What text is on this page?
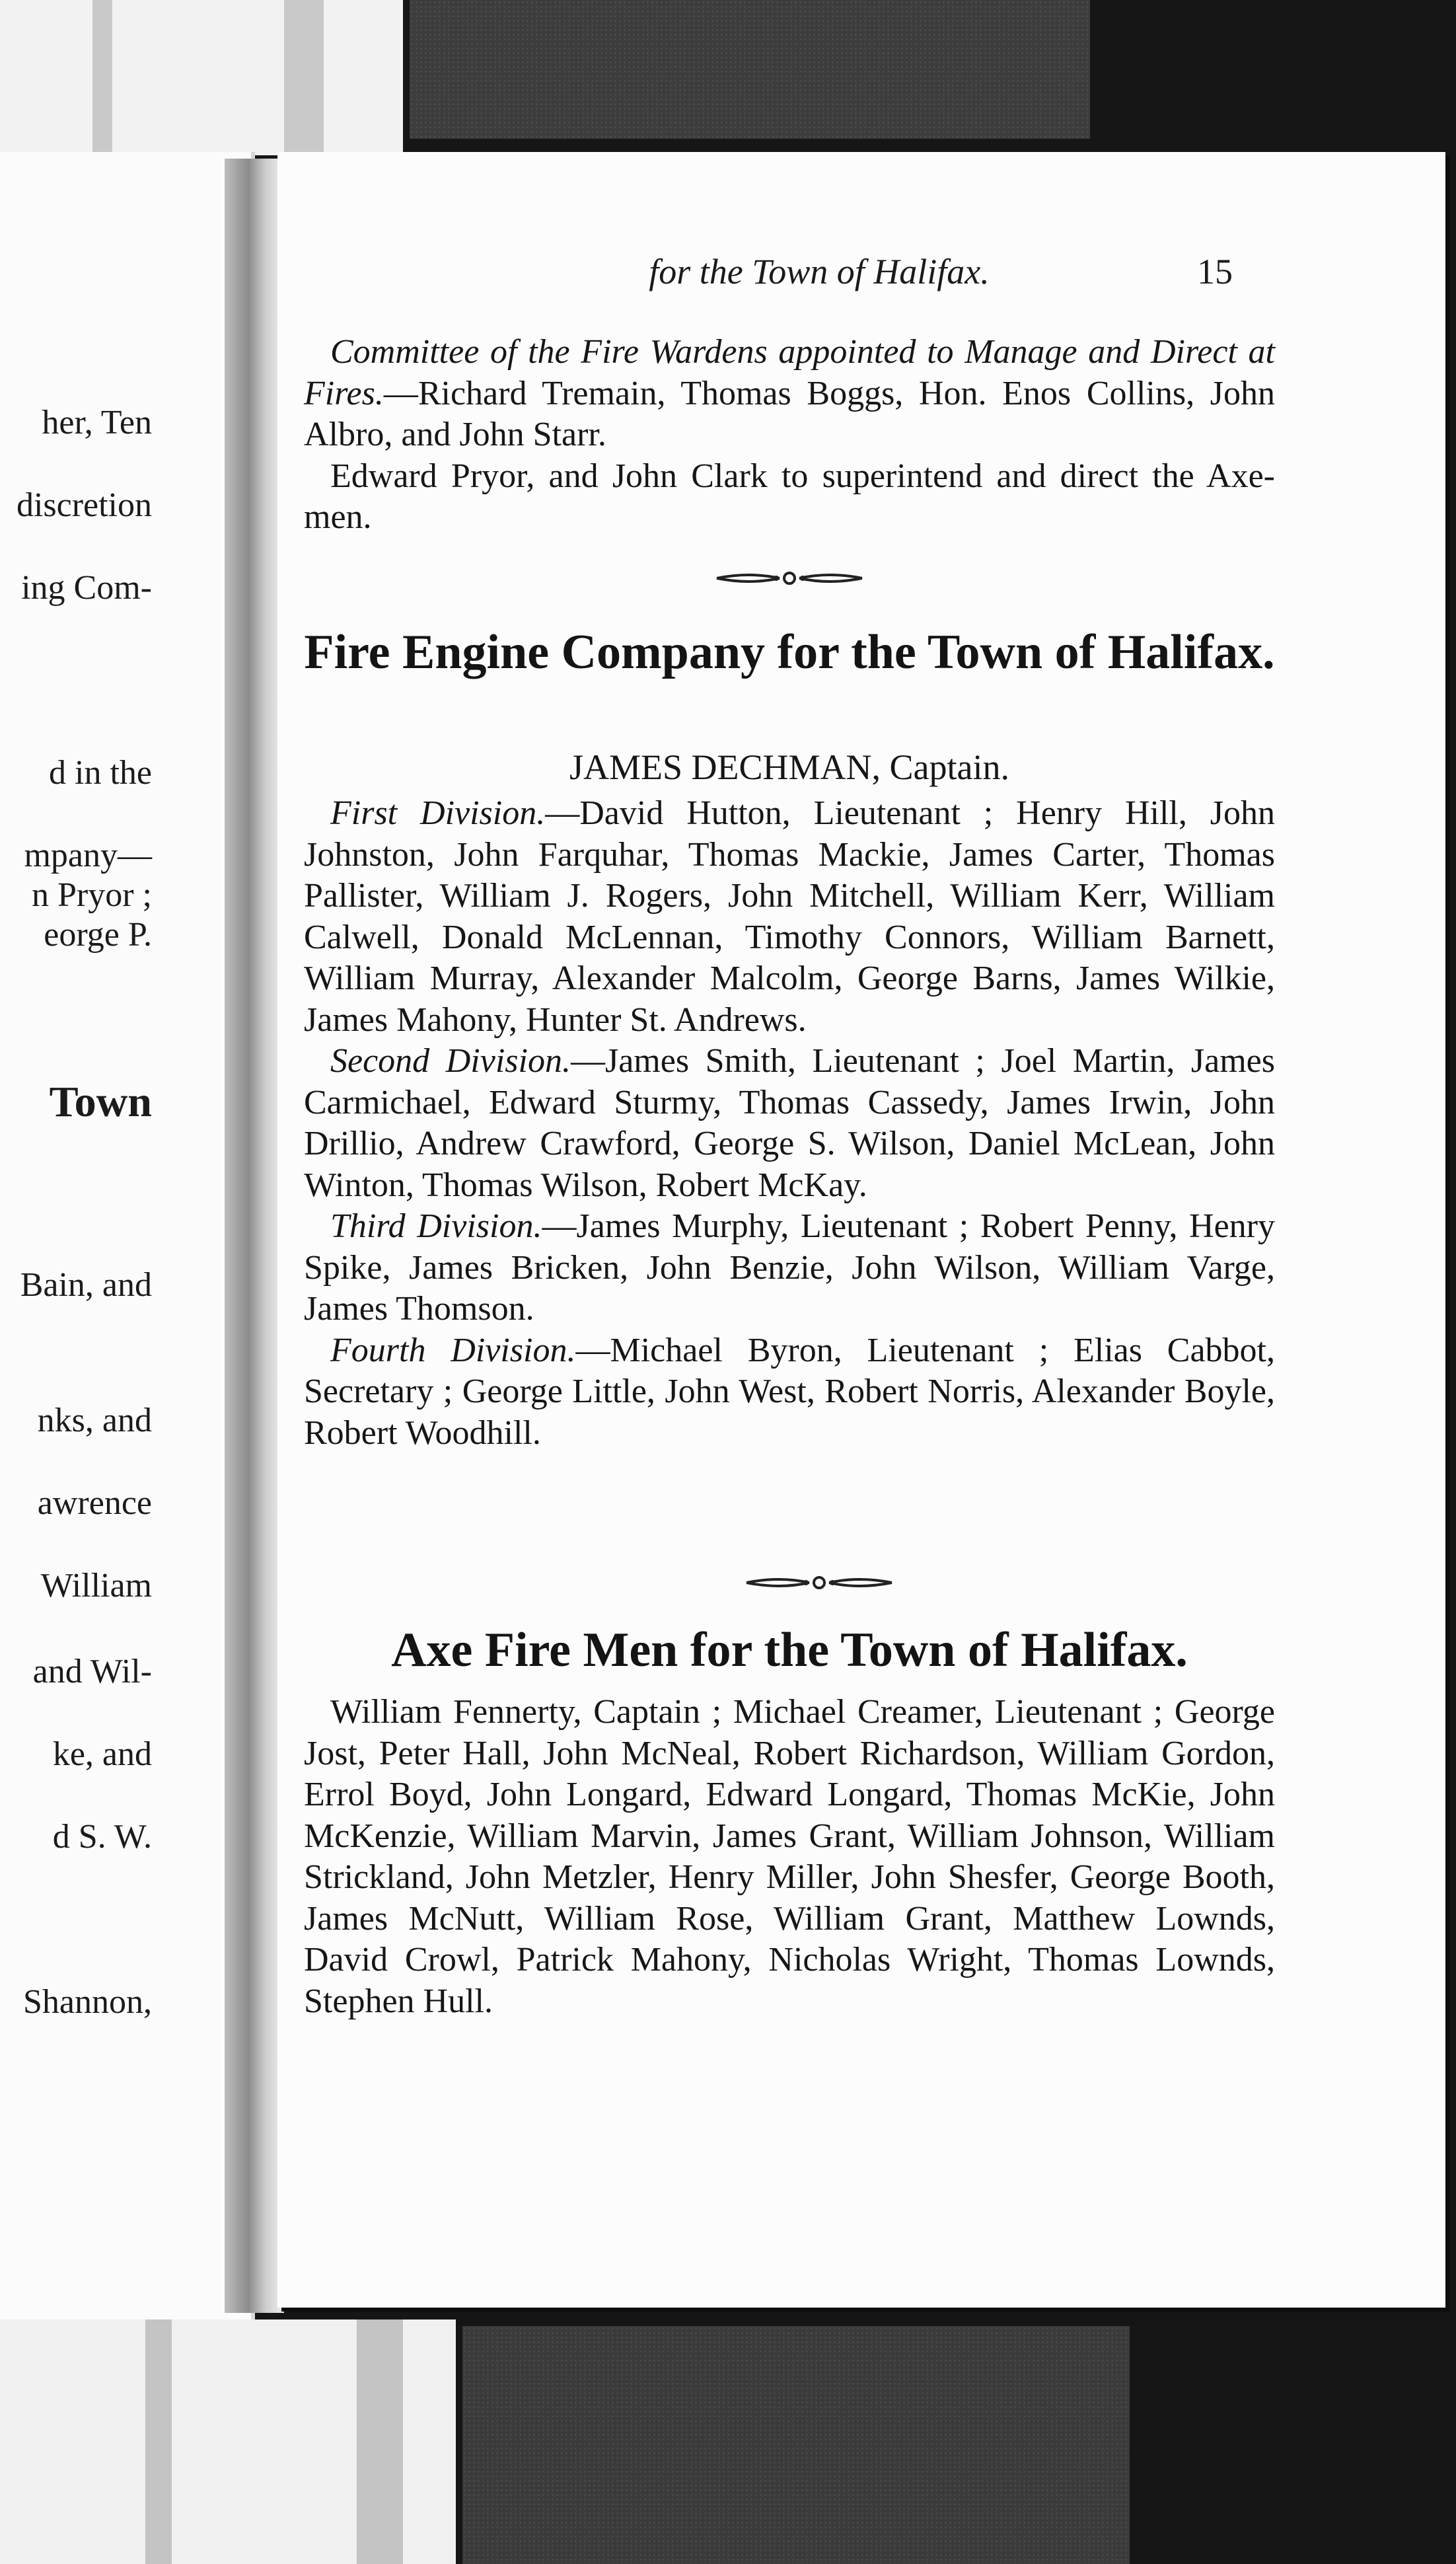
her, Ten
discretion
ing Com-
d in the
mpany—
n Pryor ;
eorge P.
Town
Bain, and
nks, and
awrence
William
and Wil-
ke, and
d S. W.
Shannon,
for the Town of Halifax.	15

Committee of the Fire Wardens appointed to Manage and Direct at Fires.—Richard Tremain, Thomas Boggs, Hon. Enos Collins, John Albro, and John Starr.

Edward Pryor, and John Clark to superintend and direct the Axe-men.

Fire Engine Company for the Town of Halifax.
JAMES DECHMAN, Captain.

First Division.—David Hutton, Lieutenant ; Henry Hill, John Johnston, John Farquhar, Thomas Mackie, James Carter, Thomas Pallister, William J. Rogers, John Mitchell, William Kerr, William Calwell, Donald McLennan, Timothy Connors, William Barnett, William Murray, Alexander Malcolm, George Barns, James Wilkie, James Mahony, Hunter St. Andrews.

Second Division.—James Smith, Lieutenant ; Joel Martin, James Carmichael, Edward Sturmy, Thomas Cassedy, James Irwin, John Drillio, Andrew Crawford, George S. Wilson, Daniel McLean, John Winton, Thomas Wilson, Robert McKay.

Third Division.—James Murphy, Lieutenant ; Robert Penny, Henry Spike, James Bricken, John Benzie, John Wilson, William Varge, James Thomson.

Fourth Division.—Michael Byron, Lieutenant ; Elias Cabbot, Secretary ; George Little, John West, Robert Norris, Alexander Boyle, Robert Woodhill.

Axe Fire Men for the Town of Halifax.

William Fennerty, Captain ; Michael Creamer, Lieutenant ; George Jost, Peter Hall, John McNeal, Robert Richardson, William Gordon, Errol Boyd, John Longard, Edward Longard, Thomas McKie, John McKenzie, William Marvin, James Grant, William Johnson, William Strickland, John Metzler, Henry Miller, John Shesfer, George Booth, James McNutt, William Rose, William Grant, Matthew Lownds, David Crowl, Patrick Mahony, Nicholas Wright, Thomas Lownds, Stephen Hull.
